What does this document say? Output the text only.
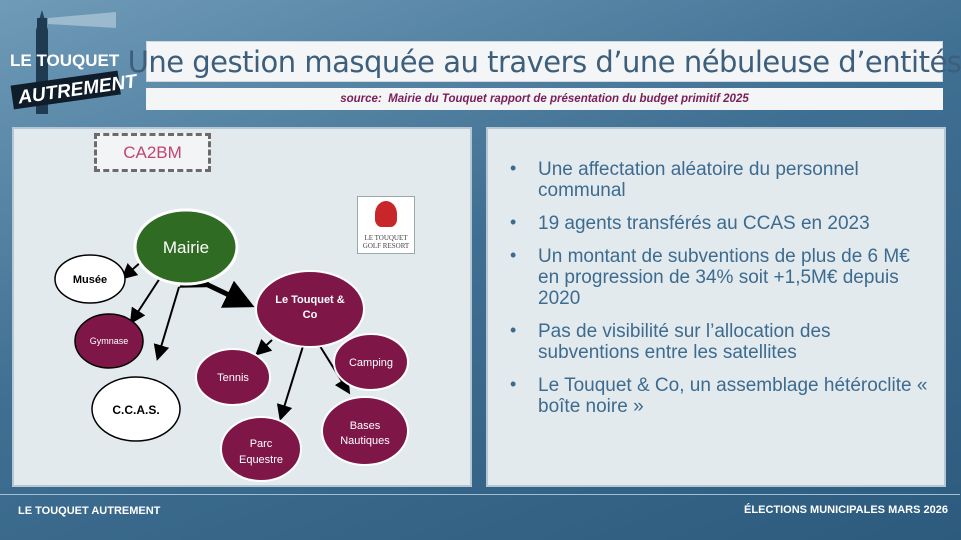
LE TOUQUET
AUTREMENT
Une gestion masquée au travers d’une nébuleuse d’entités
source:  Mairie du Touquet rapport de présentation du budget primitif 2025
CA2BM
LE TOUQUET
GOLF RESORT
Mairie
Musée
Gymnase
C.C.A.S.
Le Touquet &
Co
Camping
Tennis
Bases
Nautiques
Parc
Equestre
• Une affectation aléatoire du personnel communal
• 19 agents transférés au CCAS en 2023
• Un montant de subventions de plus de 6 M€ en progression de 34% soit +1,5M€ depuis 2020
• Pas de visibilité sur l’allocation des subventions entre les satellites
• Le Touquet & Co, un assemblage hétéroclite « boîte noire »
LE TOUQUET AUTREMENT	ÉLECTIONS MUNICIPALES MARS 2026
